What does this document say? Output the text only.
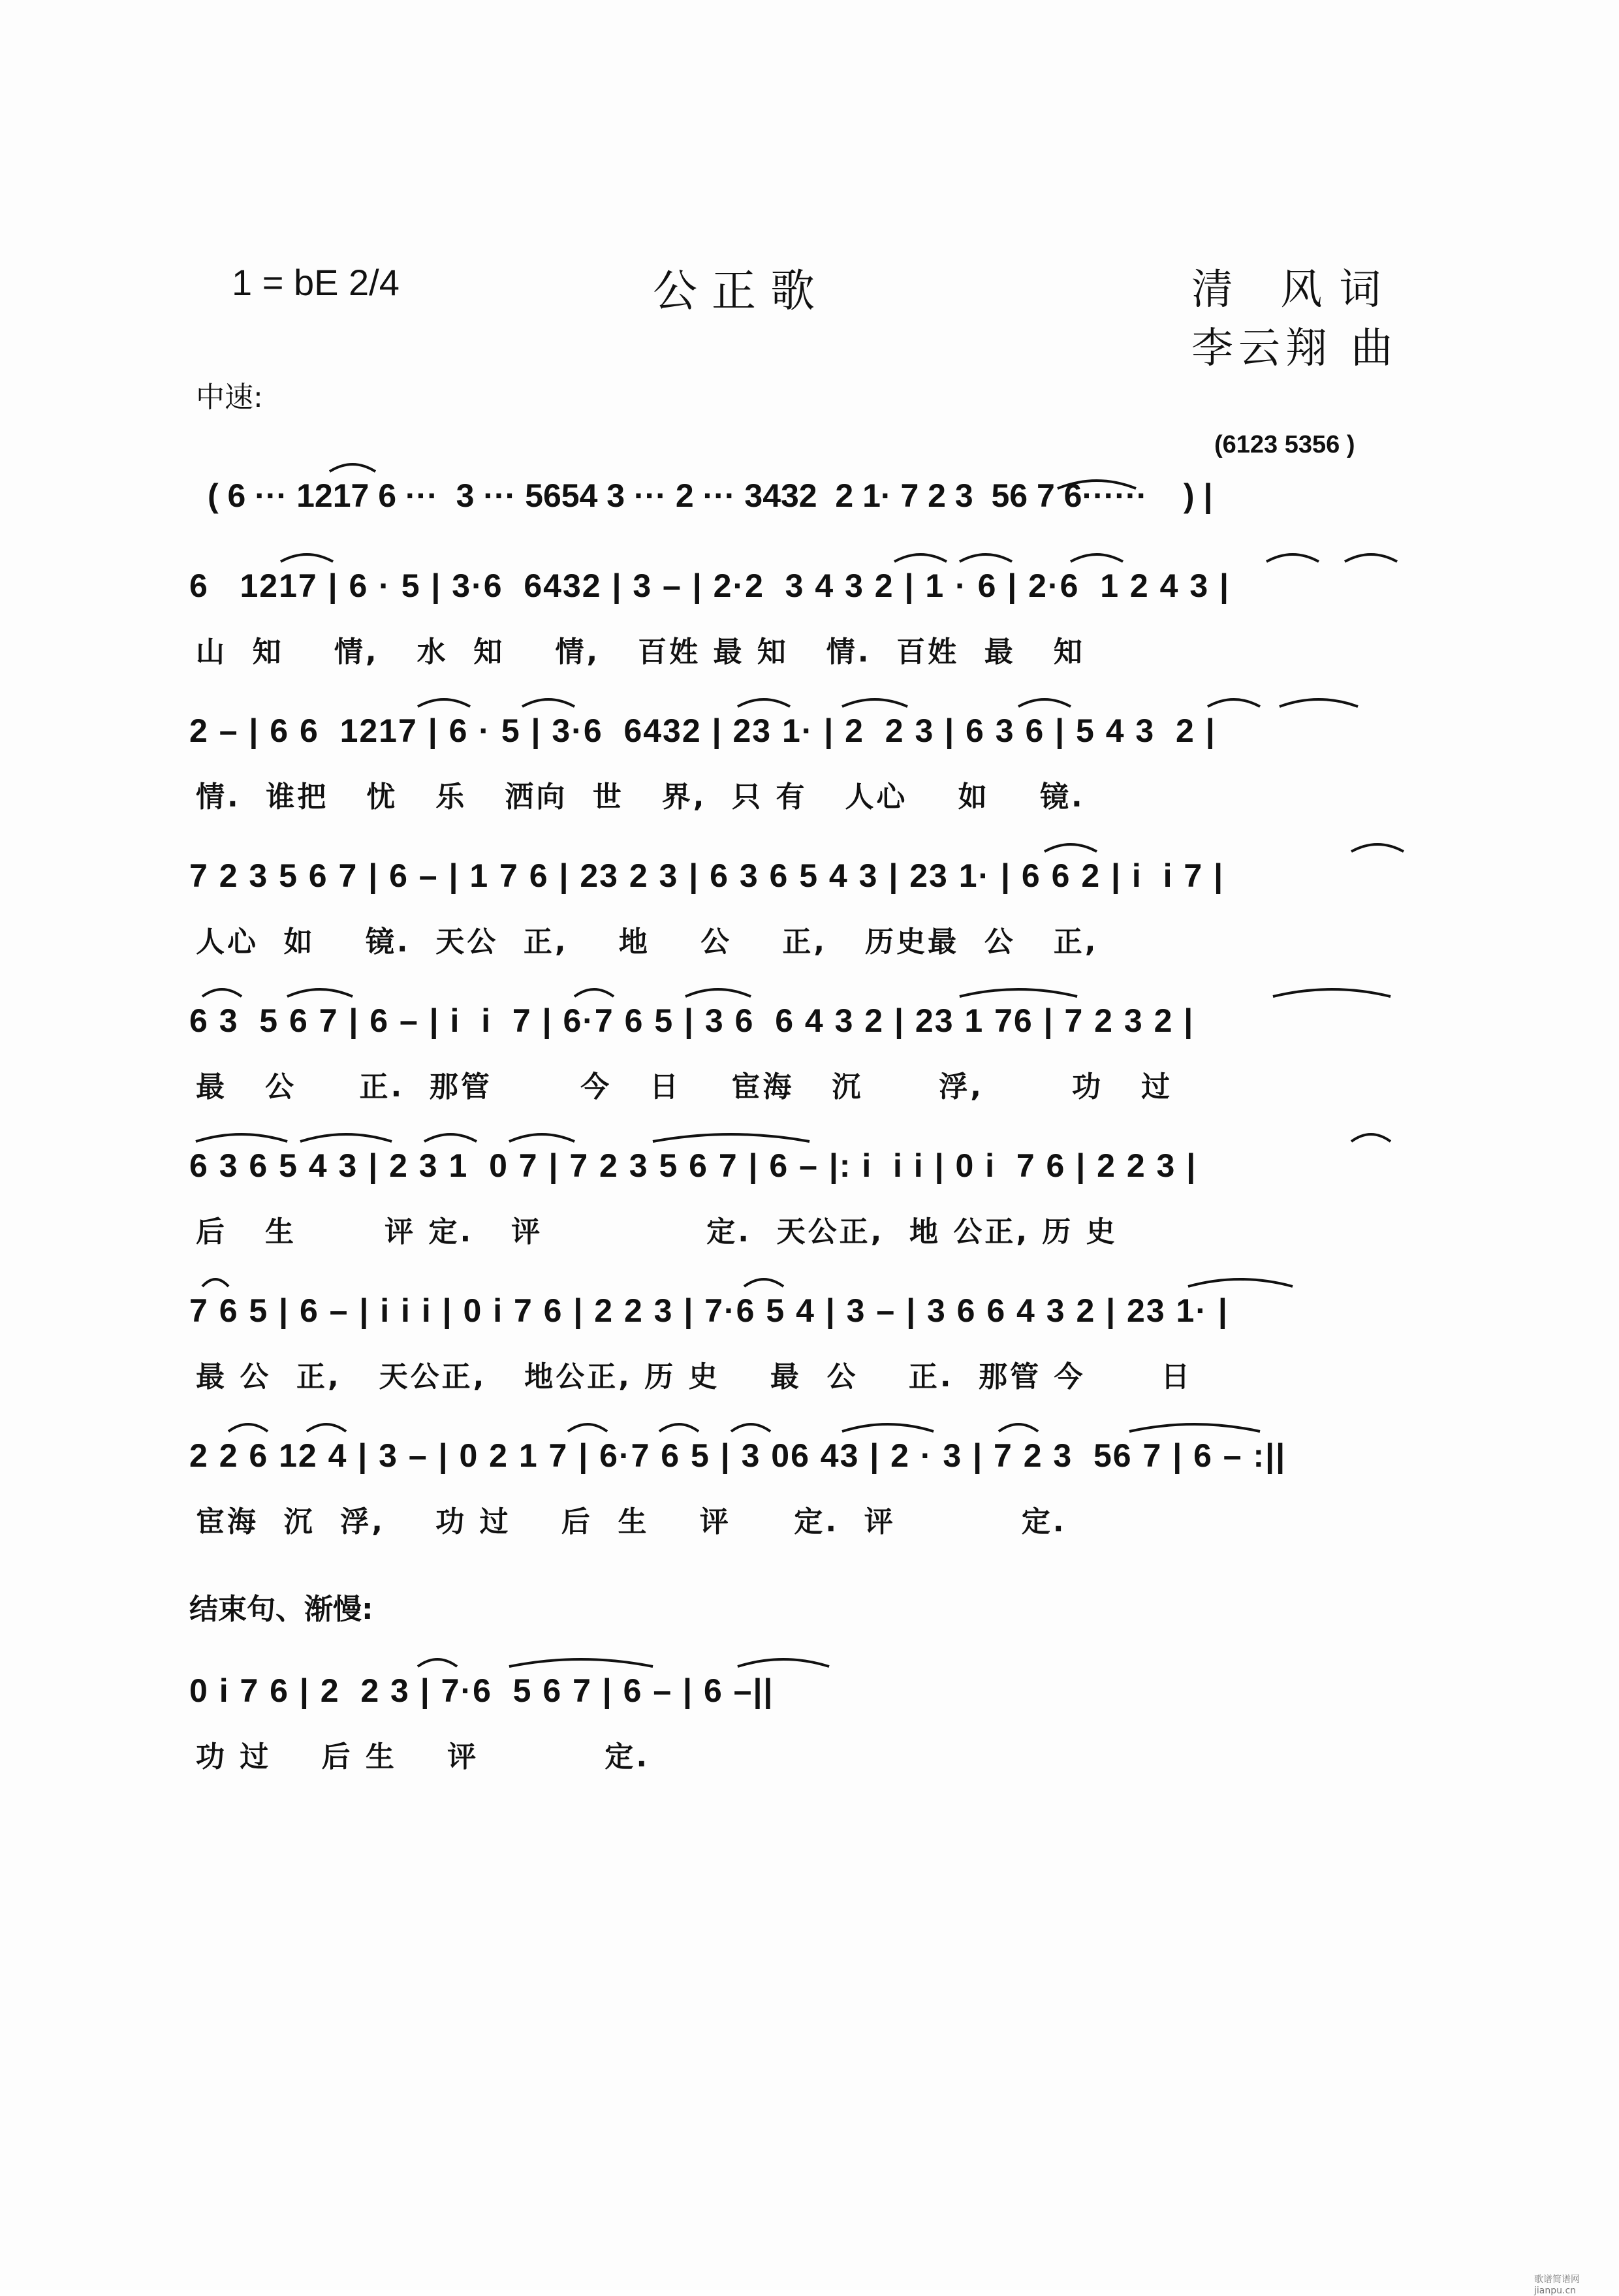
1 = bE 2/4	公正歌	清 风词
李云翔 曲
中速:
(6123 5356 )
( 6 ··· 1217 6 ···  3 ··· 5654 3 ··· 2 ··· 3432  2 1· 7 2 3  56 7 6······    ) |
6   1217 | 6 · 5 | 3·6  6432 | 3 – | 2·2  3 4 3 2 | 1 · 6 | 2·6  1 2 4 3 |
山  知    情,   水  知    情,   百姓 最 知   情.  百姓  最   知
2 – | 6 6  1217 | 6 · 5 | 3·6  6432 | 23 1· | 2  2 3 | 6 3 6 | 5 4 3  2 |
情.  谁把   忧   乐   洒向  世   界,  只 有   人心    如    镜.
7 2 3 5 6 7 | 6 – | 1 7 6 | 23 2 3 | 6 3 6 5 4 3 | 23 1· | 6 6 2 | i  i 7 |
人心  如    镜.  天公  正,    地    公    正,   历史最  公   正,
6 3  5 6 7 | 6 – | i  i  7 | 6·7 6 5 | 3 6  6 4 3 2 | 23 1 76 | 7 2 3 2 |
最   公     正.  那管       今   日    宦海   沉      浮,       功   过
6 3 6 5 4 3 | 2 3 1  0 7 | 7 2 3 5 6 7 | 6 – |: i  i i | 0 i  7 6 | 2 2 3 |
后   生       评 定.   评             定.  天公正,  地 公正, 历 史
7 6 5 | 6 – | i i i | 0 i 7 6 | 2 2 3 | 7·6 5 4 | 3 – | 3 6 6 4 3 2 | 23 1· |
最 公  正,   天公正,   地公正, 历 史    最  公    正.  那管 今      日
2 2 6 12 4 | 3 – | 0 2 1 7 | 6·7 6 5 | 3 06 43 | 2 · 3 | 7 2 3  56 7 | 6 – :||
宦海  沉  浮,    功 过    后  生    评     定.  评          定.
结束句、渐慢:
0 i 7 6 | 2  2 3 | 7·6  5 6 7 | 6 – | 6 –||
功 过    后 生    评          定.
歌谱简谱网 jianpu.cn
